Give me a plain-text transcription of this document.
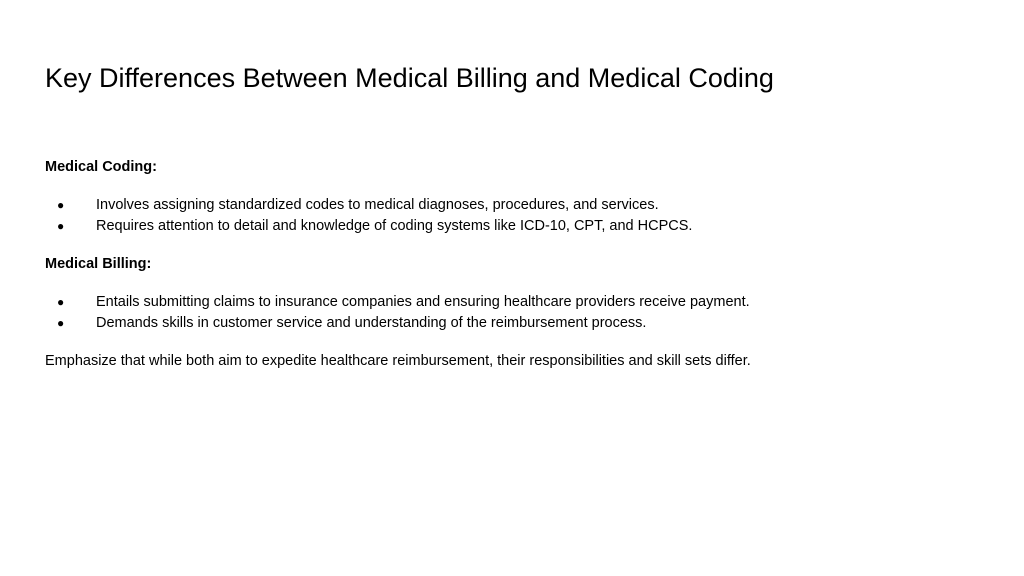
Key Differences Between Medical Billing and Medical Coding

Medical Coding:

● Involves assigning standardized codes to medical diagnoses, procedures, and services.
● Requires attention to detail and knowledge of coding systems like ICD-10, CPT, and HCPCS.

Medical Billing:

● Entails submitting claims to insurance companies and ensuring healthcare providers receive payment.
● Demands skills in customer service and understanding of the reimbursement process.

Emphasize that while both aim to expedite healthcare reimbursement, their responsibilities and skill sets differ.
